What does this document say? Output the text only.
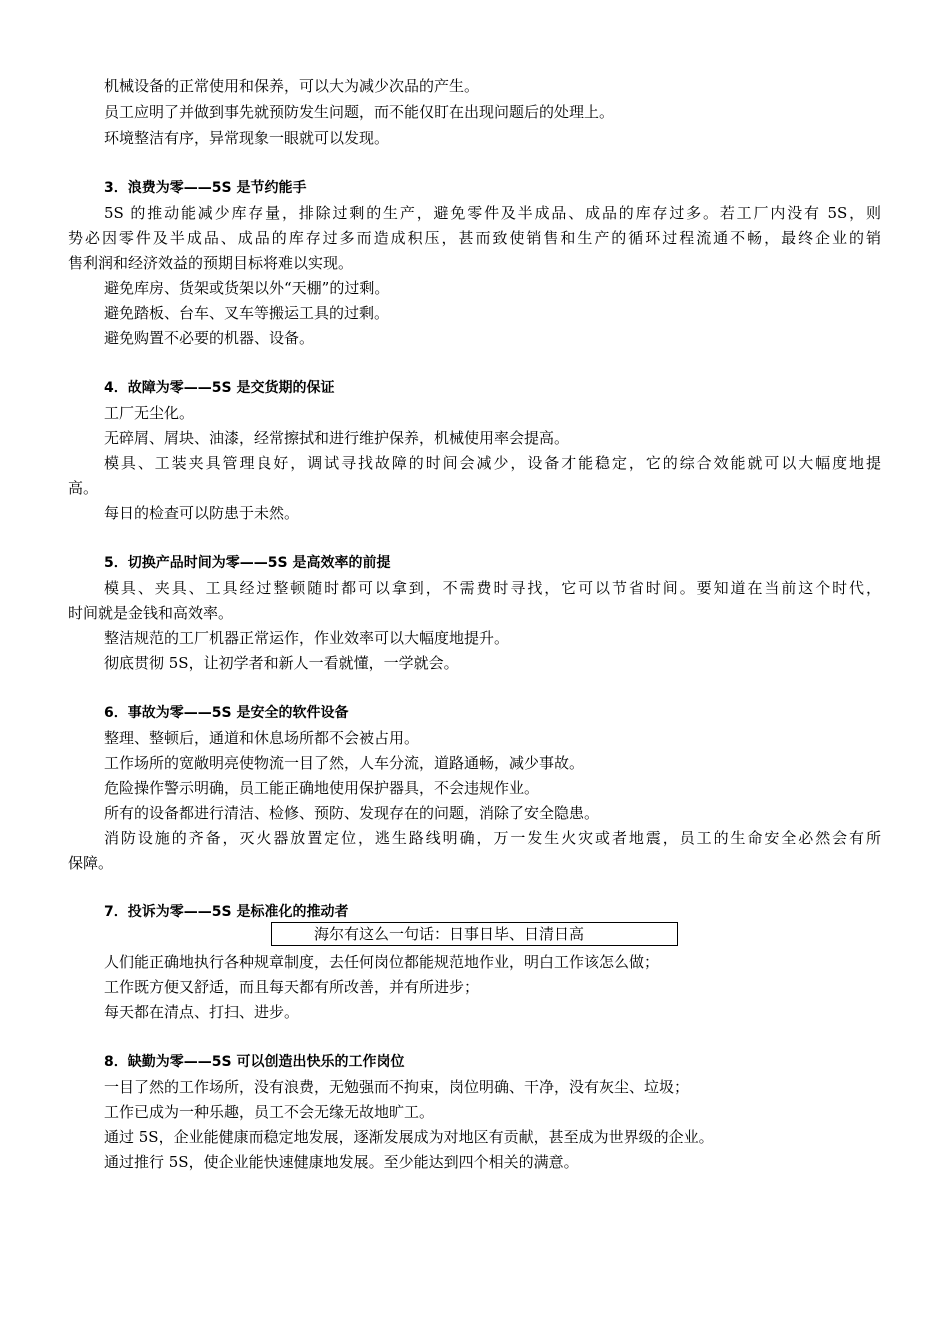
机械设备的正常使用和保养，可以大为减少次品的产生。

员工应明了并做到事先就预防发生问题，而不能仅盯在出现问题后的处理上。

环境整洁有序，异常现象一眼就可以发现。

3．浪费为零——5S 是节约能手

5S 的推动能减少库存量，排除过剩的生产，避免零件及半成品、成品的库存过多。若工厂内没有 5S，则

势必因零件及半成品、成品的库存过多而造成积压，甚而致使销售和生产的循环过程流通不畅，最终企业的销

售利润和经济效益的预期目标将难以实现。

避免库房、货架或货架以外“天棚”的过剩。

避免踏板、台车、叉车等搬运工具的过剩。

避免购置不必要的机器、设备。

4．故障为零——5S 是交货期的保证

工厂无尘化。

无碎屑、屑块、油漆，经常擦拭和进行维护保养，机械使用率会提高。

模具、工装夹具管理良好，调试寻找故障的时间会减少，设备才能稳定，它的综合效能就可以大幅度地提

高。

每日的检查可以防患于未然。

5．切换产品时间为零——5S 是高效率的前提

模具、夹具、工具经过整顿随时都可以拿到，不需费时寻找，它可以节省时间。要知道在当前这个时代，

时间就是金钱和高效率。

整洁规范的工厂机器正常运作，作业效率可以大幅度地提升。

彻底贯彻 5S，让初学者和新人一看就懂，一学就会。

6．事故为零——5S 是安全的软件设备

整理、整顿后，通道和休息场所都不会被占用。

工作场所的宽敞明亮使物流一目了然，人车分流，道路通畅，减少事故。

危险操作警示明确，员工能正确地使用保护器具，不会违规作业。

所有的设备都进行清洁、检修、预防、发现存在的问题，消除了安全隐患。

消防设施的齐备，灭火器放置定位，逃生路线明确，万一发生火灾或者地震，员工的生命安全必然会有所

保障。

7．投诉为零——5S 是标准化的推动者

海尔有这么一句话：日事日毕、日清日高

人们能正确地执行各种规章制度，去任何岗位都能规范地作业，明白工作该怎么做；

工作既方便又舒适，而且每天都有所改善，并有所进步；

每天都在清点、打扫、进步。

8．缺勤为零——5S 可以创造出快乐的工作岗位

一目了然的工作场所，没有浪费，无勉强而不拘束，岗位明确、干净，没有灰尘、垃圾；

工作已成为一种乐趣，员工不会无缘无故地旷工。

通过 5S，企业能健康而稳定地发展，逐渐发展成为对地区有贡献，甚至成为世界级的企业。

通过推行 5S，使企业能快速健康地发展。至少能达到四个相关的满意。
